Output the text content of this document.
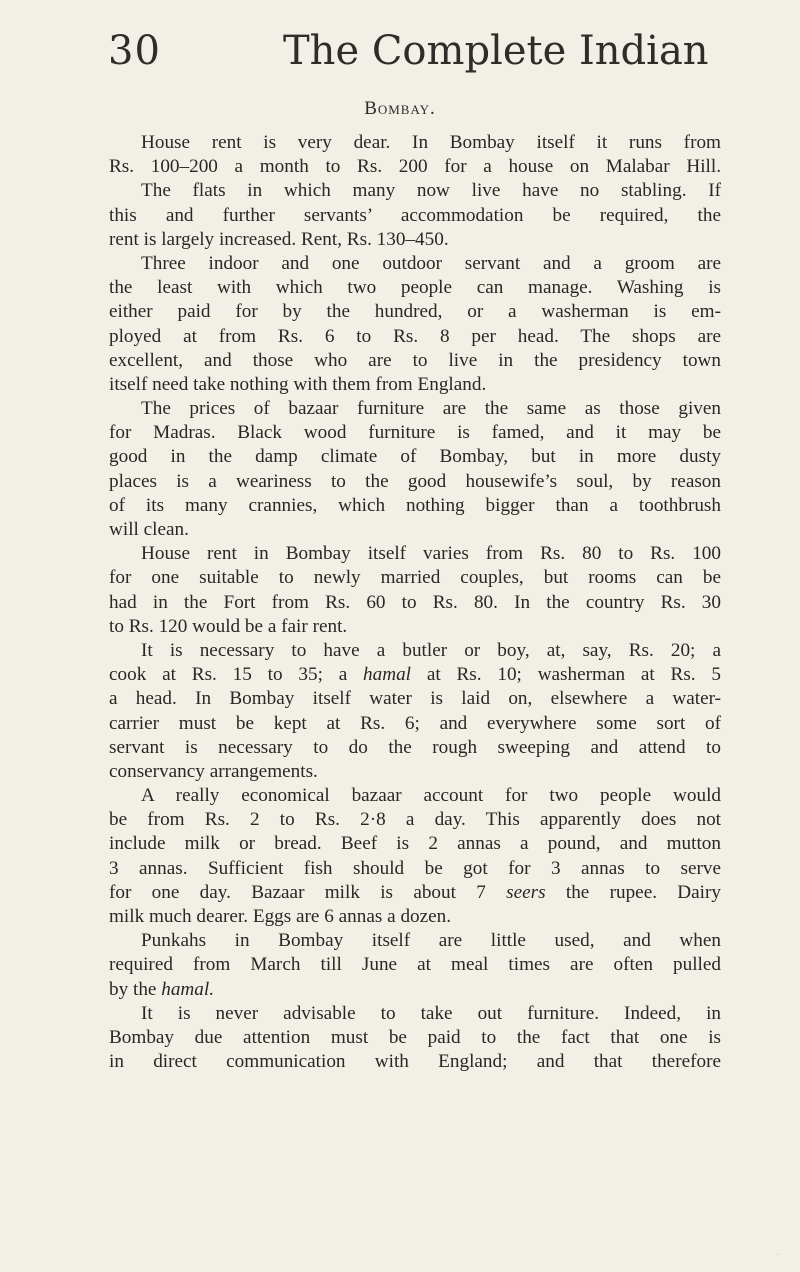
30	The Complete Indian
Bombay.
House rent is very dear. In Bombay itself it runs from
Rs. 100–200 a month to Rs. 200 for a house on Malabar Hill.
The flats in which many now live have no stabling. If
this and further servants’ accommodation be required, the
rent is largely increased. Rent, Rs. 130–450.
Three indoor and one outdoor servant and a groom are
the least with which two people can manage. Washing is
either paid for by the hundred, or a washerman is em-
ployed at from Rs. 6 to Rs. 8 per head. The shops are
excellent, and those who are to live in the presidency town
itself need take nothing with them from England.
The prices of bazaar furniture are the same as those given
for Madras. Black wood furniture is famed, and it may be
good in the damp climate of Bombay, but in more dusty
places is a weariness to the good housewife’s soul, by reason
of its many crannies, which nothing bigger than a toothbrush
will clean.
House rent in Bombay itself varies from Rs. 80 to Rs. 100
for one suitable to newly married couples, but rooms can be
had in the Fort from Rs. 60 to Rs. 80. In the country Rs. 30
to Rs. 120 would be a fair rent.
It is necessary to have a butler or boy, at, say, Rs. 20; a
cook at Rs. 15 to 35; a hamal at Rs. 10; washerman at Rs. 5
a head. In Bombay itself water is laid on, elsewhere a water-
carrier must be kept at Rs. 6; and everywhere some sort of
servant is necessary to do the rough sweeping and attend to
conservancy arrangements.
A really economical bazaar account for two people would
be from Rs. 2 to Rs. 2·8 a day. This apparently does not
include milk or bread. Beef is 2 annas a pound, and mutton
3 annas. Sufficient fish should be got for 3 annas to serve
for one day. Bazaar milk is about 7 seers the rupee. Dairy
milk much dearer. Eggs are 6 annas a dozen.
Punkahs in Bombay itself are little used, and when
required from March till June at meal times are often pulled
by the hamal.
It is never advisable to take out furniture. Indeed, in
Bombay due attention must be paid to the fact that one is
in direct communication with England; and that therefore
·
